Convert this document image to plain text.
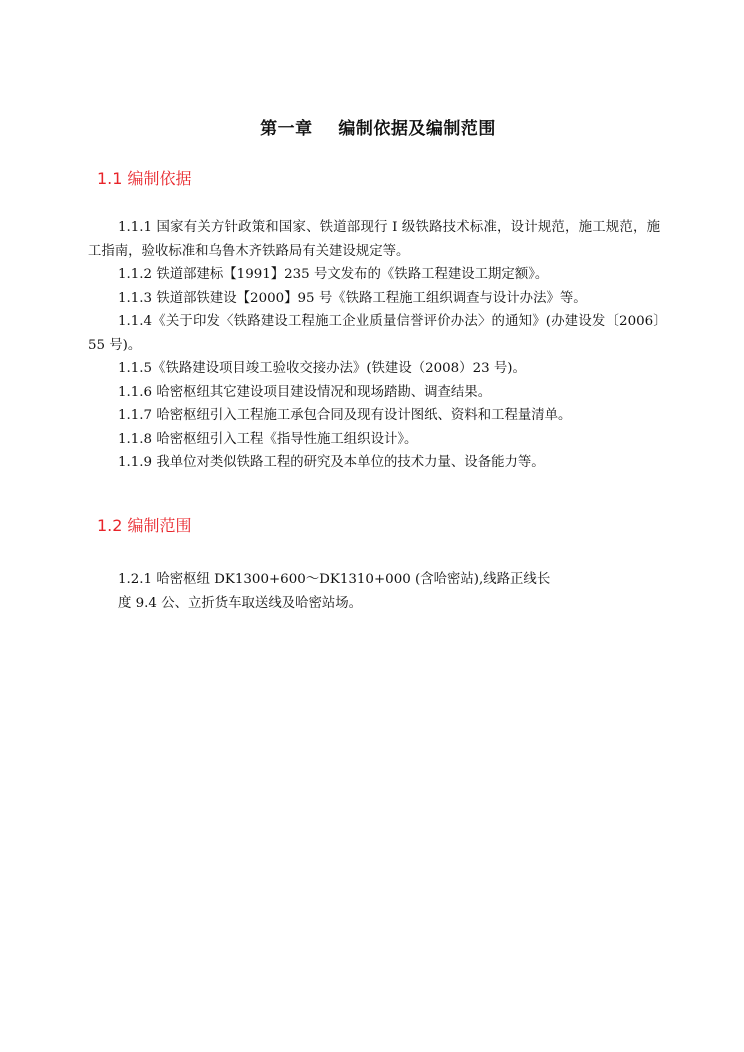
第一章    编制依据及编制范围
1.1 编制依据

1.1.1 国家有关方针政策和国家、铁道部现行 I 级铁路技术标准，设计规范，施工规范，施工指南，验收标准和乌鲁木齐铁路局有关建设规定等。

1.1.2 铁道部建标【1991】235 号文发布的《铁路工程建设工期定额》。

1.1.3 铁道部铁建设【2000】95 号《铁路工程施工组织调查与设计办法》等。

1.1.4《关于印发〈铁路建设工程施工企业质量信誉评价办法〉的通知》(办建设发〔2006〕55 号)。

1.1.5《铁路建设项目竣工验收交接办法》(铁建设（2008）23 号)。

1.1.6 哈密枢纽其它建设项目建设情况和现场踏勘、调查结果。

1.1.7 哈密枢纽引入工程施工承包合同及现有设计图纸、资料和工程量清单。

1.1.8 哈密枢纽引入工程《指导性施工组织设计》。

1.1.9 我单位对类似铁路工程的研究及本单位的技术力量、设备能力等。

1.2 编制范围

1.2.1 哈密枢纽 DK1300+600～DK1310+000 (含哈密站),线路正线长

度 9.4 公、立折货车取送线及哈密站场。
